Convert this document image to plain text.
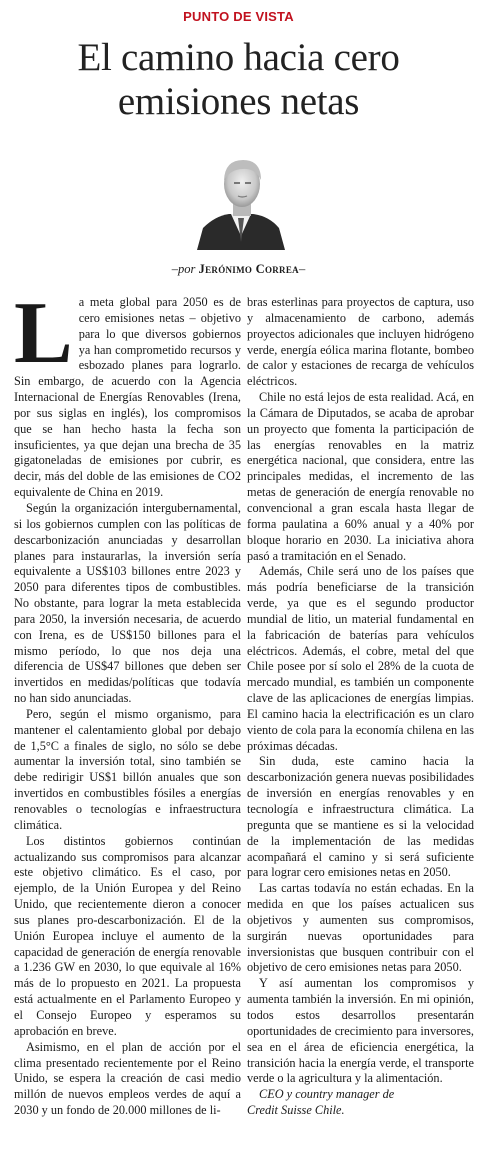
PUNTO DE VISTA
El camino hacia cero emisiones netas
–por Jerónimo Correa–

La meta global para 2050 es de cero emisiones netas – objetivo para lo que diversos gobiernos ya han comprometido recursos y esbozado planes para lograrlo. Sin embargo, de acuerdo con la Agencia Internacional de Energías Renovables (Irena, por sus siglas en inglés), los compromisos que se han hecho hasta la fecha son insuficientes, ya que dejan una brecha de 35 gigatoneladas de emisiones por cubrir, es decir, más del doble de las emisiones de CO2 equivalente de China en 2019.

Según la organización intergubernamental, si los gobiernos cumplen con las políticas de descarbonización anunciadas y desarrollan planes para instaurarlas, la inversión sería equivalente a US$103 billones entre 2023 y 2050 para diferentes tipos de combustibles. No obstante, para lograr la meta establecida para 2050, la inversión necesaria, de acuerdo con Irena, es de US$150 billones para el mismo período, lo que nos deja una diferencia de US$47 billones que deben ser invertidos en medidas/políticas que todavía no han sido anunciadas.

Pero, según el mismo organismo, para mantener el calentamiento global por debajo de 1,5°C a finales de siglo, no sólo se debe aumentar la inversión total, sino también se debe redirigir US$1 billón anuales que son invertidos en combustibles fósiles a energías renovables o tecnologías e infraestructura climática.

Los distintos gobiernos continúan actualizando sus compromisos para alcanzar este objetivo climático. Es el caso, por ejemplo, de la Unión Europea y del Reino Unido, que recientemente dieron a conocer sus planes pro-descarbonización. El de la Unión Europea incluye el aumento de la capacidad de generación de energía renovable a 1.236 GW en 2030, lo que equivale al 16% más de lo propuesto en 2021. La propuesta está actualmente en el Parlamento Europeo y el Consejo Europeo y esperamos su aprobación en breve.

Asimismo, en el plan de acción por el clima presentado recientemente por el Reino Unido, se espera la creación de casi medio millón de nuevos empleos verdes de aquí a 2030 y un fondo de 20.000 millones de li-

bras esterlinas para proyectos de captura, uso y almacenamiento de carbono, además proyectos adicionales que incluyen hidrógeno verde, energía eólica marina flotante, bombeo de calor y estaciones de recarga de vehículos eléctricos.

Chile no está lejos de esta realidad. Acá, en la Cámara de Diputados, se acaba de aprobar un proyecto que fomenta la participación de las energías renovables en la matriz energética nacional, que considera, entre las principales medidas, el incremento de las metas de generación de energía renovable no convencional a gran escala hasta llegar de forma paulatina a 60% anual y a 40% por bloque horario en 2030. La iniciativa ahora pasó a tramitación en el Senado.

Además, Chile será uno de los países que más podría beneficiarse de la transición verde, ya que es el segundo productor mundial de litio, un material fundamental en la fabricación de baterías para vehículos eléctricos. Además, el cobre, metal del que Chile posee por sí solo el 28% de la cuota de mercado mundial, es también un componente clave de las aplicaciones de energías limpias. El camino hacia la electrificación es un claro viento de cola para la economía chilena en las próximas décadas.

Sin duda, este camino hacia la descarbonización genera nuevas posibilidades de inversión en energías renovables y en tecnología e infraestructura climática. La pregunta que se mantiene es si la velocidad de la implementación de las medidas acompañará el camino y si será suficiente para lograr cero emisiones netas en 2050.

Las cartas todavía no están echadas. En la medida en que los países actualicen sus objetivos y aumenten sus compromisos, surgirán nuevas oportunidades para inversionistas que busquen contribuir con el objetivo de cero emisiones netas para 2050.

Y así aumentan los compromisos y aumenta también la inversión. En mi opinión, todos estos desarrollos presentarán oportunidades de crecimiento para inversores, sea en el área de eficiencia energética, la transición hacia la energía verde, el transporte verde o la agricultura y la alimentación.

CEO y country manager de
Credit Suisse Chile.
